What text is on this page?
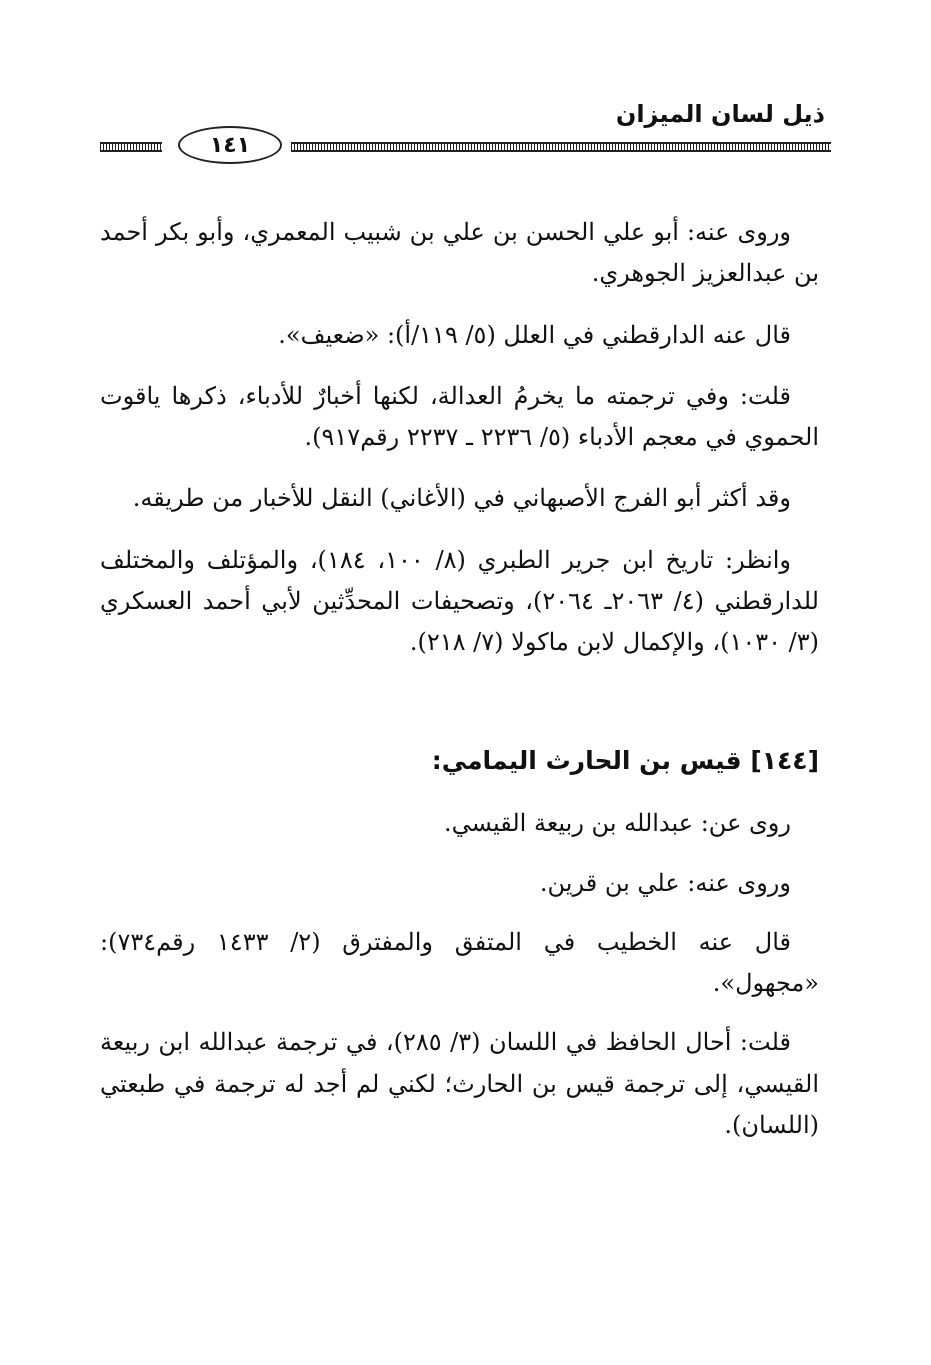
ذيل لسان الميزان
١٤١

وروى عنه: أبو علي الحسن بن علي بن شبيب المعمري، وأبو بكر أحمد بن عبدالعزيز الجوهري.

قال عنه الدارقطني في العلل (٥/ ١١٩/أ): «ضعيف».

قلت: وفي ترجمته ما يخرمُ العدالة، لكنها أخبارٌ للأدباء، ذكرها ياقوت الحموي في معجم الأدباء (٥/ ٢٢٣٦ ـ ٢٢٣٧ رقم٩١٧).

وقد أكثر أبو الفرج الأصبهاني في (الأغاني) النقل للأخبار من طريقه.

وانظر: تاريخ ابن جرير الطبري (٨/ ١٠٠، ١٨٤)، والمؤتلف والمختلف للدارقطني (٤/ ٢٠٦٣ـ ٢٠٦٤)، وتصحيفات المحدِّثين لأبي أحمد العسكري (٣/ ١٠٣٠)، والإكمال لابن ماكولا (٧/ ٢١٨).

[١٤٤] قيس بن الحارث اليمامي:

روى عن: عبدالله بن ربيعة القيسي.

وروى عنه: علي بن قرين.

قال عنه الخطيب في المتفق والمفترق (٢/ ١٤٣٣ رقم٧٣٤): «مجهول».

قلت: أحال الحافظ في اللسان (٣/ ٢٨٥)، في ترجمة عبدالله ابن ربيعة القيسي، إلى ترجمة قيس بن الحارث؛ لكني لم أجد له ترجمة في طبعتي (اللسان).
